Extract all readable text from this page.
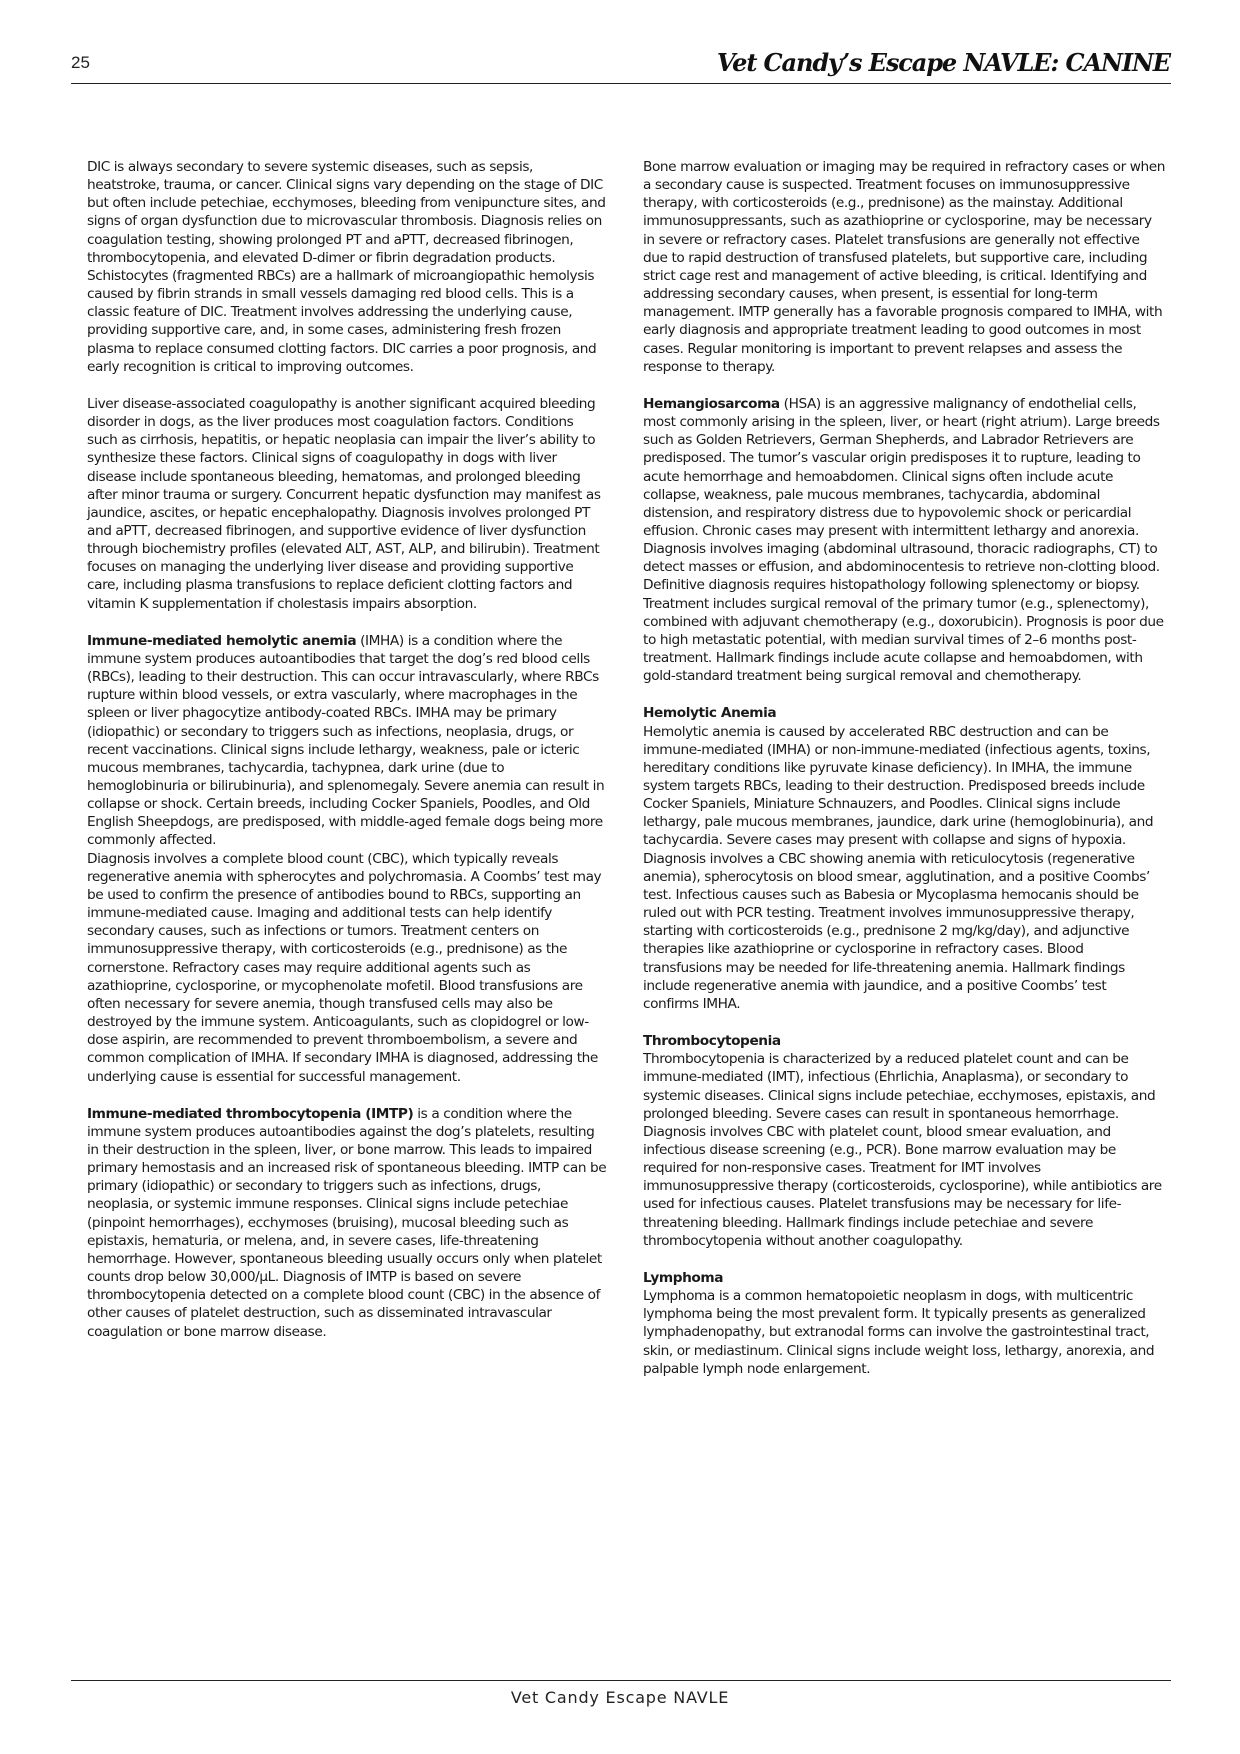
25	Vet Candy’s Escape NAVLE: CANINE

DIC is always secondary to severe systemic diseases, such as sepsis, heatstroke, trauma, or cancer. Clinical signs vary depending on the stage of DIC but often include petechiae, ecchymoses, bleeding from venipuncture sites, and signs of organ dysfunction due to microvascular thrombosis. Diagnosis relies on coagulation testing, showing prolonged PT and aPTT, decreased fibrinogen, thrombocytopenia, and elevated D-dimer or fibrin degradation products. Schistocytes (fragmented RBCs) are a hallmark of microangiopathic hemolysis caused by fibrin strands in small vessels damaging red blood cells. This is a classic feature of DIC. Treatment involves addressing the underlying cause, providing supportive care, and, in some cases, administering fresh frozen plasma to replace consumed clotting factors. DIC carries a poor prognosis, and early recognition is critical to improving outcomes.

Liver disease-associated coagulopathy is another significant acquired bleeding disorder in dogs, as the liver produces most coagulation factors. Conditions such as cirrhosis, hepatitis, or hepatic neoplasia can impair the liver’s ability to synthesize these factors. Clinical signs of coagulopathy in dogs with liver disease include spontaneous bleeding, hematomas, and prolonged bleeding after minor trauma or surgery. Concurrent hepatic dysfunction may manifest as jaundice, ascites, or hepatic encephalopathy. Diagnosis involves prolonged PT and aPTT, decreased fibrinogen, and supportive evidence of liver dysfunction through biochemistry profiles (elevated ALT, AST, ALP, and bilirubin). Treatment focuses on managing the underlying liver disease and providing supportive care, including plasma transfusions to replace deficient clotting factors and vitamin K supplementation if cholestasis impairs absorption.

Immune-mediated hemolytic anemia (IMHA) is a condition where the immune system produces autoantibodies that target the dog’s red blood cells (RBCs), leading to their destruction. This can occur intravascularly, where RBCs rupture within blood vessels, or extra vascularly, where macrophages in the spleen or liver phagocytize antibody-coated RBCs. IMHA may be primary (idiopathic) or secondary to triggers such as infections, neoplasia, drugs, or recent vaccinations. Clinical signs include lethargy, weakness, pale or icteric mucous membranes, tachycardia, tachypnea, dark urine (due to hemoglobinuria or bilirubinuria), and splenomegaly. Severe anemia can result in collapse or shock. Certain breeds, including Cocker Spaniels, Poodles, and Old English Sheepdogs, are predisposed, with middle-aged female dogs being more commonly affected.

Diagnosis involves a complete blood count (CBC), which typically reveals regenerative anemia with spherocytes and polychromasia. A Coombs’ test may be used to confirm the presence of antibodies bound to RBCs, supporting an immune-mediated cause. Imaging and additional tests can help identify secondary causes, such as infections or tumors. Treatment centers on immunosuppressive therapy, with corticosteroids (e.g., prednisone) as the cornerstone. Refractory cases may require additional agents such as azathioprine, cyclosporine, or mycophenolate mofetil. Blood transfusions are often necessary for severe anemia, though transfused cells may also be destroyed by the immune system. Anticoagulants, such as clopidogrel or low-dose aspirin, are recommended to prevent thromboembolism, a severe and common complication of IMHA. If secondary IMHA is diagnosed, addressing the underlying cause is essential for successful management.

Immune-mediated thrombocytopenia (IMTP) is a condition where the immune system produces autoantibodies against the dog’s platelets, resulting in their destruction in the spleen, liver, or bone marrow. This leads to impaired primary hemostasis and an increased risk of spontaneous bleeding. IMTP can be primary (idiopathic) or secondary to triggers such as infections, drugs, neoplasia, or systemic immune responses. Clinical signs include petechiae (pinpoint hemorrhages), ecchymoses (bruising), mucosal bleeding such as epistaxis, hematuria, or melena, and, in severe cases, life-threatening hemorrhage. However, spontaneous bleeding usually occurs only when platelet counts drop below 30,000/µL. Diagnosis of IMTP is based on severe thrombocytopenia detected on a complete blood count (CBC) in the absence of other causes of platelet destruction, such as disseminated intravascular coagulation or bone marrow disease.

Bone marrow evaluation or imaging may be required in refractory cases or when a secondary cause is suspected. Treatment focuses on immunosuppressive therapy, with corticosteroids (e.g., prednisone) as the mainstay. Additional immunosuppressants, such as azathioprine or cyclosporine, may be necessary in severe or refractory cases. Platelet transfusions are generally not effective due to rapid destruction of transfused platelets, but supportive care, including strict cage rest and management of active bleeding, is critical. Identifying and addressing secondary causes, when present, is essential for long-term management. IMTP generally has a favorable prognosis compared to IMHA, with early diagnosis and appropriate treatment leading to good outcomes in most cases. Regular monitoring is important to prevent relapses and assess the response to therapy.

Hemangiosarcoma (HSA) is an aggressive malignancy of endothelial cells, most commonly arising in the spleen, liver, or heart (right atrium). Large breeds such as Golden Retrievers, German Shepherds, and Labrador Retrievers are predisposed. The tumor’s vascular origin predisposes it to rupture, leading to acute hemorrhage and hemoabdomen. Clinical signs often include acute collapse, weakness, pale mucous membranes, tachycardia, abdominal distension, and respiratory distress due to hypovolemic shock or pericardial effusion. Chronic cases may present with intermittent lethargy and anorexia. Diagnosis involves imaging (abdominal ultrasound, thoracic radiographs, CT) to detect masses or effusion, and abdominocentesis to retrieve non-clotting blood. Definitive diagnosis requires histopathology following splenectomy or biopsy. Treatment includes surgical removal of the primary tumor (e.g., splenectomy), combined with adjuvant chemotherapy (e.g., doxorubicin). Prognosis is poor due to high metastatic potential, with median survival times of 2–6 months post-treatment. Hallmark findings include acute collapse and hemoabdomen, with gold-standard treatment being surgical removal and chemotherapy.

Hemolytic Anemia

Hemolytic anemia is caused by accelerated RBC destruction and can be immune-mediated (IMHA) or non-immune-mediated (infectious agents, toxins, hereditary conditions like pyruvate kinase deficiency). In IMHA, the immune system targets RBCs, leading to their destruction. Predisposed breeds include Cocker Spaniels, Miniature Schnauzers, and Poodles. Clinical signs include lethargy, pale mucous membranes, jaundice, dark urine (hemoglobinuria), and tachycardia. Severe cases may present with collapse and signs of hypoxia. Diagnosis involves a CBC showing anemia with reticulocytosis (regenerative anemia), spherocytosis on blood smear, agglutination, and a positive Coombs’ test. Infectious causes such as Babesia or Mycoplasma hemocanis should be ruled out with PCR testing. Treatment involves immunosuppressive therapy, starting with corticosteroids (e.g., prednisone 2 mg/kg/day), and adjunctive therapies like azathioprine or cyclosporine in refractory cases. Blood transfusions may be needed for life-threatening anemia. Hallmark findings include regenerative anemia with jaundice, and a positive Coombs’ test confirms IMHA.

Thrombocytopenia

Thrombocytopenia is characterized by a reduced platelet count and can be immune-mediated (IMT), infectious (Ehrlichia, Anaplasma), or secondary to systemic diseases. Clinical signs include petechiae, ecchymoses, epistaxis, and prolonged bleeding. Severe cases can result in spontaneous hemorrhage.

Diagnosis involves CBC with platelet count, blood smear evaluation, and infectious disease screening (e.g., PCR). Bone marrow evaluation may be required for non-responsive cases. Treatment for IMT involves immunosuppressive therapy (corticosteroids, cyclosporine), while antibiotics are used for infectious causes. Platelet transfusions may be necessary for life-threatening bleeding. Hallmark findings include petechiae and severe thrombocytopenia without another coagulopathy.

Lymphoma

Lymphoma is a common hematopoietic neoplasm in dogs, with multicentric lymphoma being the most prevalent form. It typically presents as generalized lymphadenopathy, but extranodal forms can involve the gastrointestinal tract, skin, or mediastinum. Clinical signs include weight loss, lethargy, anorexia, and palpable lymph node enlargement.

Vet Candy Escape NAVLE
